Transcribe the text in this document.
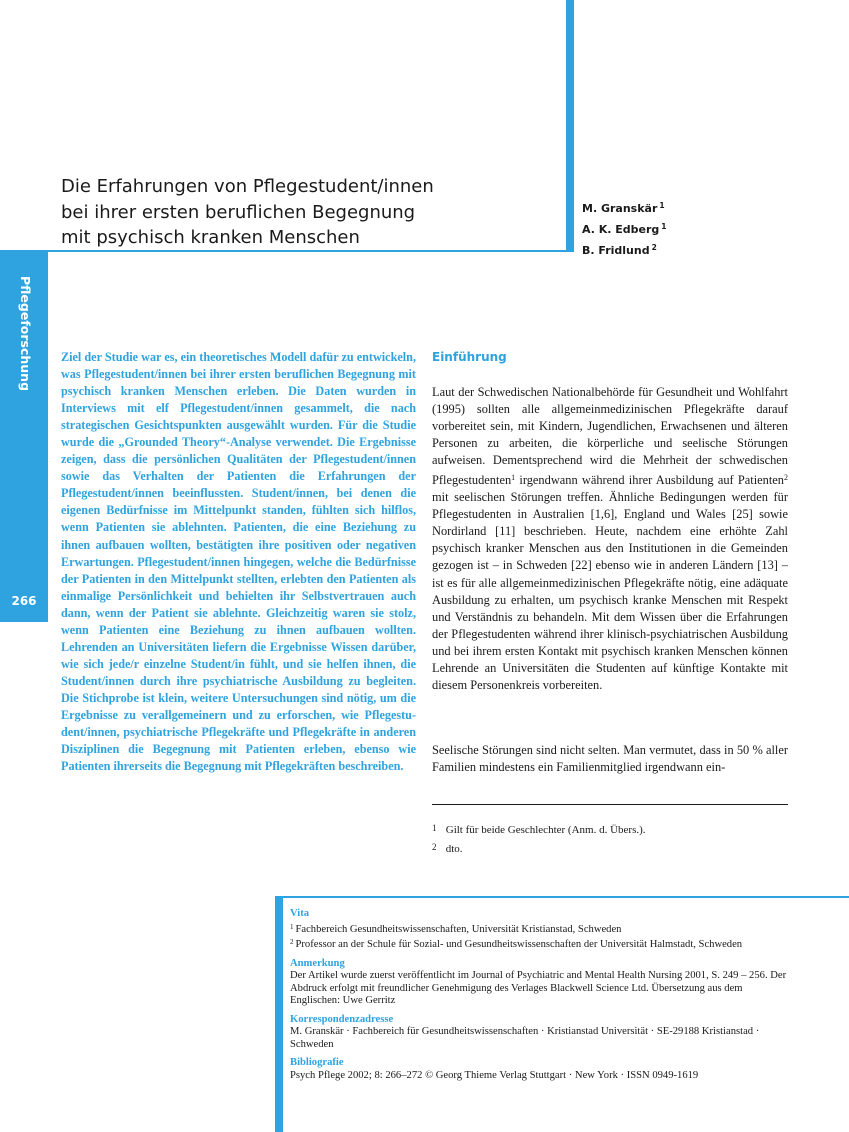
Pflegeforschung
266
Die Erfahrungen von Pflegestudent/innen
bei ihrer ersten beruflichen Begegnung
mit psychisch kranken Menschen
M. Granskär $^1$
A. K. Edberg $^1$
B. Fridlund $^2$

Ziel der Studie war es, ein theoretisches Modell dafür zu entwickeln, was Pflegestudent/innen bei ihrer ersten beruflichen Begegnung mit psychisch kranken Menschen erleben. Die Daten wurden in Interviews mit elf Pflegestudent/innen gesammelt, die nach strategischen Gesichtspunkten ausgewählt wurden. Für die Studie wurde die „Grounded Theory“-Analyse verwendet. Die Ergebnisse zeigen, dass die persönlichen Qualitäten der Pflegestudent/innen sowie das Verhalten der Patienten die Erfahrungen der Pflegestudent/innen beeinflussten. Student/innen, bei denen die eigenen Bedürfnisse im Mittelpunkt standen, fühlten sich hilflos, wenn Patienten sie ablehnten. Patienten, die eine Beziehung zu ihnen aufbauen wollten, bestätigten ihre positiven oder negativen Erwartungen. Pflegestudent/innen hingegen, welche die Bedürfnisse der Patienten in den Mittelpunkt stellten, erlebten den Patienten als einmalige Persönlichkeit und behielten ihr Selbstvertrauen auch dann, wenn der Patient sie ablehnte. Gleichzeitig waren sie stolz, wenn Patienten eine Beziehung zu ihnen aufbauen wollten. Lehrenden an Universitäten liefern die Ergebnisse Wissen darüber, wie sich jede/r einzelne Student/in fühlt, und sie helfen ihnen, die Student/innen durch ihre psychiatrische Ausbildung zu begleiten. Die Stichprobe ist klein, weitere Untersuchungen sind nötig, um die Ergebnisse zu verallgemeinern und zu erforschen, wie Pflegestudent/innen, psychiatrische Pflegekräfte und Pflegekräfte in anderen Disziplinen die Begegnung mit Patienten erleben, ebenso wie Patienten ihrerseits die Begegnung mit Pflegekräften beschreiben.

Einführung

Laut der Schwedischen Nationalbehörde für Gesundheit und Wohlfahrt (1995) sollten alle allgemeinmedizinischen Pflegekräfte darauf vorbereitet sein, mit Kindern, Jugendlichen, Erwachsenen und älteren Personen zu arbeiten, die körperliche und seelische Störungen aufweisen. Dementsprechend wird die Mehrheit der schwedischen Pflegestudenten$^1$ irgendwann während ihrer Ausbildung auf Patienten$^2$ mit seelischen Störungen treffen. Ähnliche Bedingungen werden für Pflegestudenten in Australien [1,6], England und Wales [25] sowie Nordirland [11] beschrieben. Heute, nachdem eine erhöhte Zahl psychisch kranker Menschen aus den Institutionen in die Gemeinden gezogen ist – in Schweden [22] ebenso wie in anderen Ländern [13] – ist es für alle allgemeinmedizinischen Pflegekräfte nötig, eine adäquate Ausbildung zu erhalten, um psychisch kranke Menschen mit Respekt und Verständnis zu behandeln. Mit dem Wissen über die Erfahrungen der Pflegestudenten während ihrer klinisch-psychiatrischen Ausbildung und bei ihrem ersten Kontakt mit psychisch kranken Menschen können Lehrende an Universitäten die Studenten auf künftige Kontakte mit diesem Personenkreis vorbereiten.

Seelische Störungen sind nicht selten. Man vermutet, dass in 50 % aller Familien mindestens ein Familienmitglied irgendwann ein-

1 Gilt für beide Geschlechter (Anm. d. Übers.).
2 dto.
Vita
$^1$ Fachbereich Gesundheitswissenschaften, Universität Kristianstad, Schweden
$^2$ Professor an der Schule für Sozial- und Gesundheitswissenschaften der Universität Halmstadt, Schweden
Anmerkung
Der Artikel wurde zuerst veröffentlicht im Journal of Psychiatric and Mental Health Nursing 2001, S. 249 – 256. Der Abdruck erfolgt mit freundlicher Genehmigung des Verlages Blackwell Science Ltd. Übersetzung aus dem Englischen: Uwe Gerritz
Korrespondenzadresse
M. Granskär · Fachbereich für Gesundheitswissenschaften · Kristianstad Universität · SE-29188 Kristianstad · Schweden
Bibliografie
Psych Pflege 2002; 8: 266–272 © Georg Thieme Verlag Stuttgart · New York · ISSN 0949-1619
